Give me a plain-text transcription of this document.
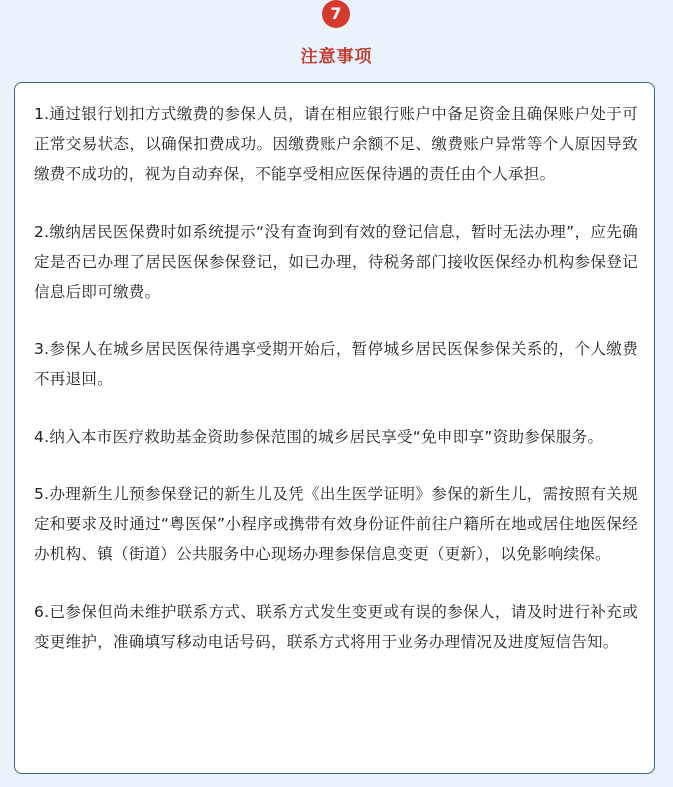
7
注意事项

1.通过银行划扣方式缴费的参保人员，请在相应银行账户中备足资金且确保账户处于可正常交易状态，以确保扣费成功。因缴费账户余额不足、缴费账户异常等个人原因导致缴费不成功的，视为自动弃保，不能享受相应医保待遇的责任由个人承担。

2.缴纳居民医保费时如系统提示“没有查询到有效的登记信息，暂时无法办理”，应先确定是否已办理了居民医保参保登记，如已办理，待税务部门接收医保经办机构参保登记信息后即可缴费。

3.参保人在城乡居民医保待遇享受期开始后，暂停城乡居民医保参保关系的，个人缴费不再退回。

4.纳入本市医疗救助基金资助参保范围的城乡居民享受“免申即享”资助参保服务。

5.办理新生儿预参保登记的新生儿及凭《出生医学证明》参保的新生儿，需按照有关规定和要求及时通过“粤医保”小程序或携带有效身份证件前往户籍所在地或居住地医保经办机构、镇（街道）公共服务中心现场办理参保信息变更（更新），以免影响续保。

6.已参保但尚未维护联系方式、联系方式发生变更或有误的参保人，请及时进行补充或变更维护，准确填写移动电话号码，联系方式将用于业务办理情况及进度短信告知。
